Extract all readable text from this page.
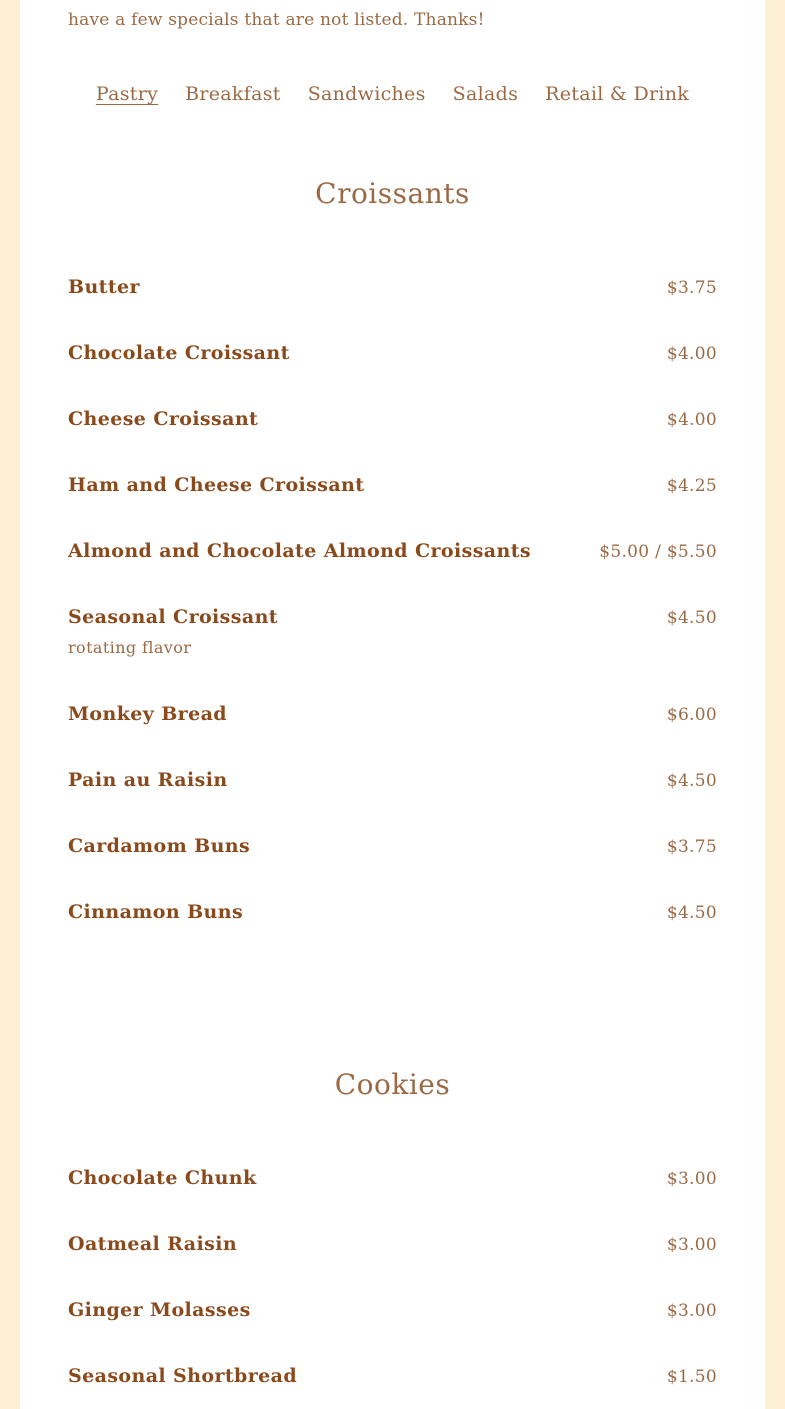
have a few specials that are not listed. Thanks!

Pastry Breakfast Sandwiches Salads Retail & Drink
Croissants
Butter	$3.75
Chocolate Croissant	$4.00
Cheese Croissant	$4.00
Ham and Cheese Croissant	$4.25
Almond and Chocolate Almond Croissants	$5.00 / $5.50
Seasonal Croissant	$4.50
rotating flavor
Monkey Bread	$6.00
Pain au Raisin	$4.50
Cardamom Buns	$3.75
Cinnamon Buns	$4.50
Cookies
Chocolate Chunk	$3.00
Oatmeal Raisin	$3.00
Ginger Molasses	$3.00
Seasonal Shortbread	$1.50
